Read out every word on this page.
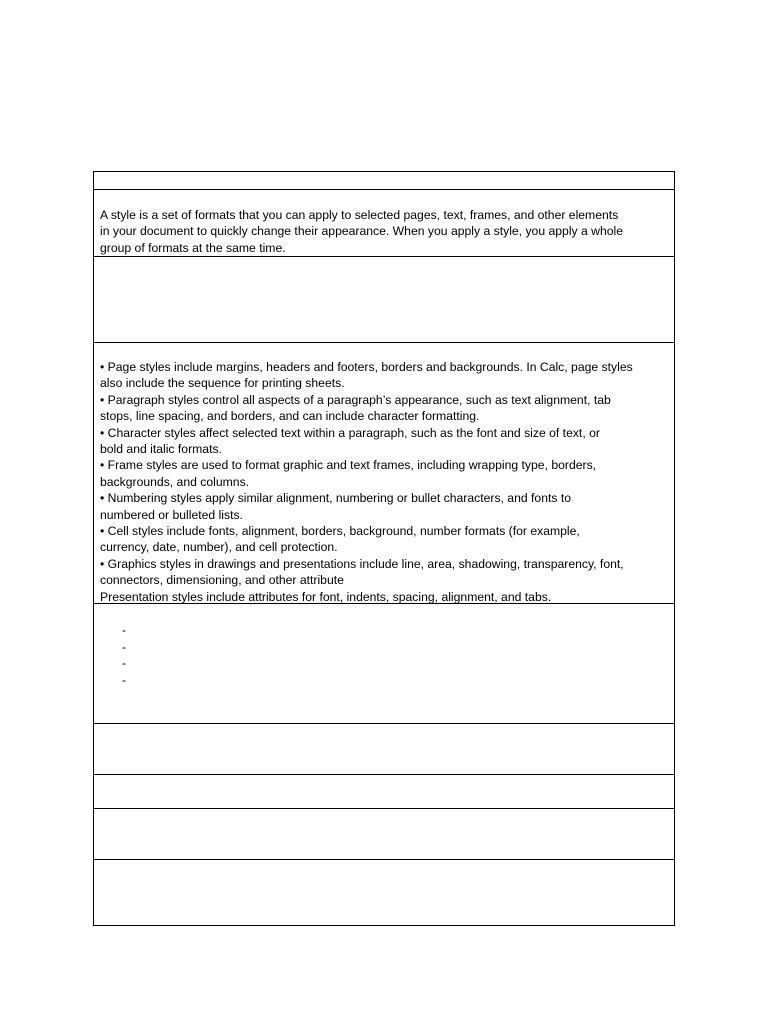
A style is a set of formats that you can apply to selected pages, text, frames, and other elements
in your document to quickly change their appearance. When you apply a style, you apply a whole
group of formats at the same time.
• Page styles include margins, headers and footers, borders and backgrounds. In Calc, page styles
also include the sequence for printing sheets.
• Paragraph styles control all aspects of a paragraph’s appearance, such as text alignment, tab
stops, line spacing, and borders, and can include character formatting.
• Character styles affect selected text within a paragraph, such as the font and size of text, or
bold and italic formats.
• Frame styles are used to format graphic and text frames, including wrapping type, borders,
backgrounds, and columns.
• Numbering styles apply similar alignment, numbering or bullet characters, and fonts to
numbered or bulleted lists.
• Cell styles include fonts, alignment, borders, background, number formats (for example,
currency, date, number), and cell protection.
• Graphics styles in drawings and presentations include line, area, shadowing, transparency, font,
connectors, dimensioning, and other attribute
Presentation styles include attributes for font, indents, spacing, alignment, and tabs.
-
-
-
-
